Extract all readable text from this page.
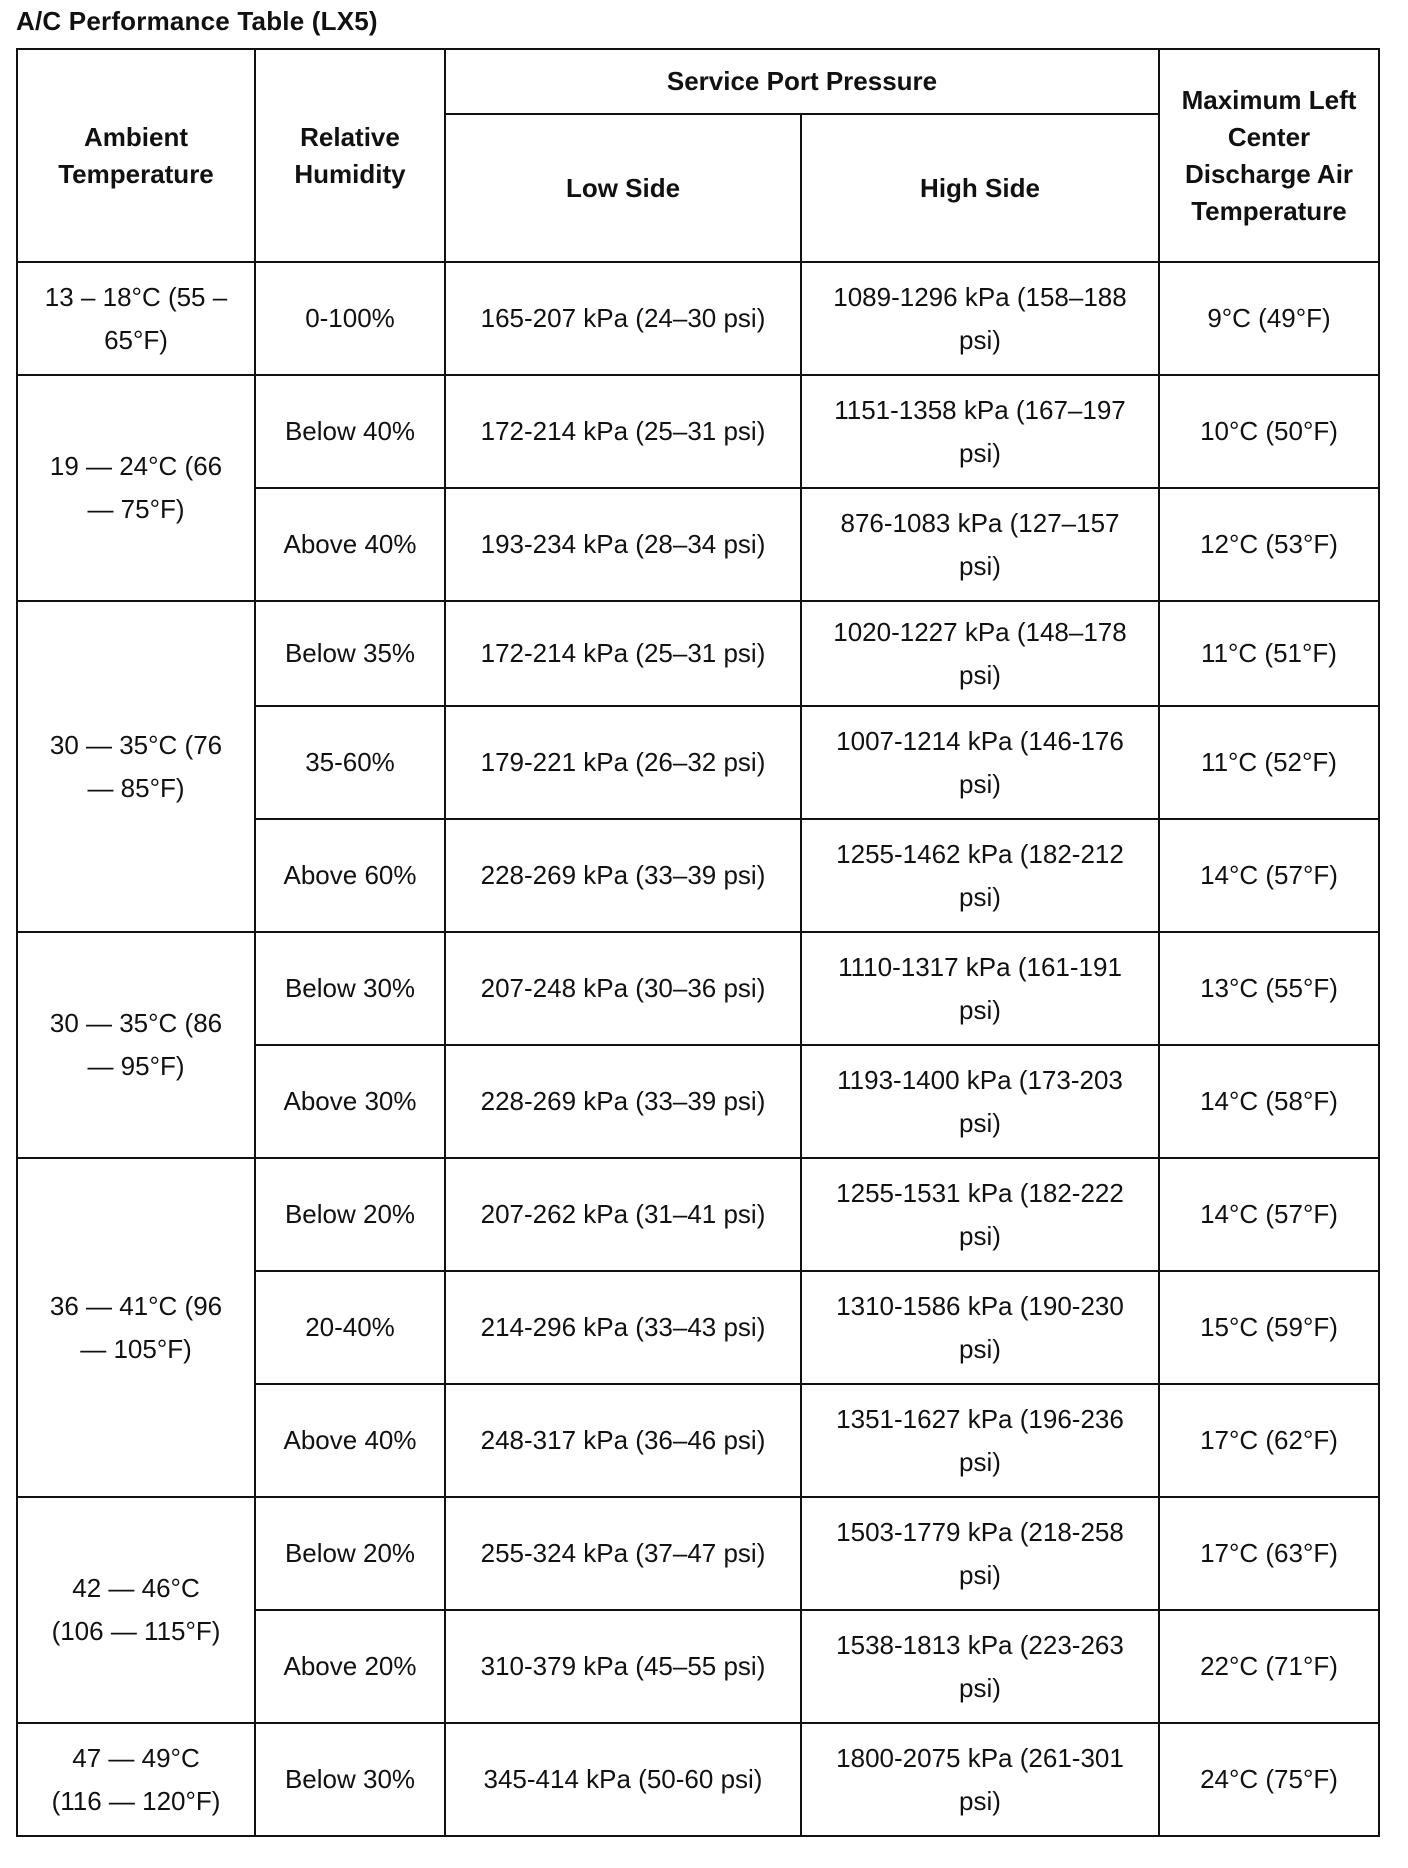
A/C Performance Table (LX5)
Ambient Temperature	Relative Humidity	Service Port Pressure		Maximum Left Center Discharge Air Temperature
		Low Side	High Side	
13 – 18°C (55 – 65°F)	0-100%	165-207 kPa (24–30 psi)	1089-1296 kPa (158–188 psi)	9°C (49°F)
19 — 24°C (66 — 75°F)	Below 40%	172-214 kPa (25–31 psi)	1151-1358 kPa (167–197 psi)	10°C (50°F)
	Above 40%	193-234 kPa (28–34 psi)	876-1083 kPa (127–157 psi)	12°C (53°F)
30 — 35°C (76 — 85°F)	Below 35%	172-214 kPa (25–31 psi)	1020-1227 kPa (148–178 psi)	11°C (51°F)
	35-60%	179-221 kPa (26–32 psi)	1007-1214 kPa (146-176 psi)	11°C (52°F)
	Above 60%	228-269 kPa (33–39 psi)	1255-1462 kPa (182-212 psi)	14°C (57°F)
30 — 35°C (86 — 95°F)	Below 30%	207-248 kPa (30–36 psi)	1110-1317 kPa (161-191 psi)	13°C (55°F)
	Above 30%	228-269 kPa (33–39 psi)	1193-1400 kPa (173-203 psi)	14°C (58°F)
36 — 41°C (96 — 105°F)	Below 20%	207-262 kPa (31–41 psi)	1255-1531 kPa (182-222 psi)	14°C (57°F)
	20-40%	214-296 kPa (33–43 psi)	1310-1586 kPa (190-230 psi)	15°C (59°F)
	Above 40%	248-317 kPa (36–46 psi)	1351-1627 kPa (196-236 psi)	17°C (62°F)
42 — 46°C (106 — 115°F)	Below 20%	255-324 kPa (37–47 psi)	1503-1779 kPa (218-258 psi)	17°C (63°F)
	Above 20%	310-379 kPa (45–55 psi)	1538-1813 kPa (223-263 psi)	22°C (71°F)
47 — 49°C (116 — 120°F)	Below 30%	345-414 kPa (50-60 psi)	1800-2075 kPa (261-301 psi)	24°C (75°F)
